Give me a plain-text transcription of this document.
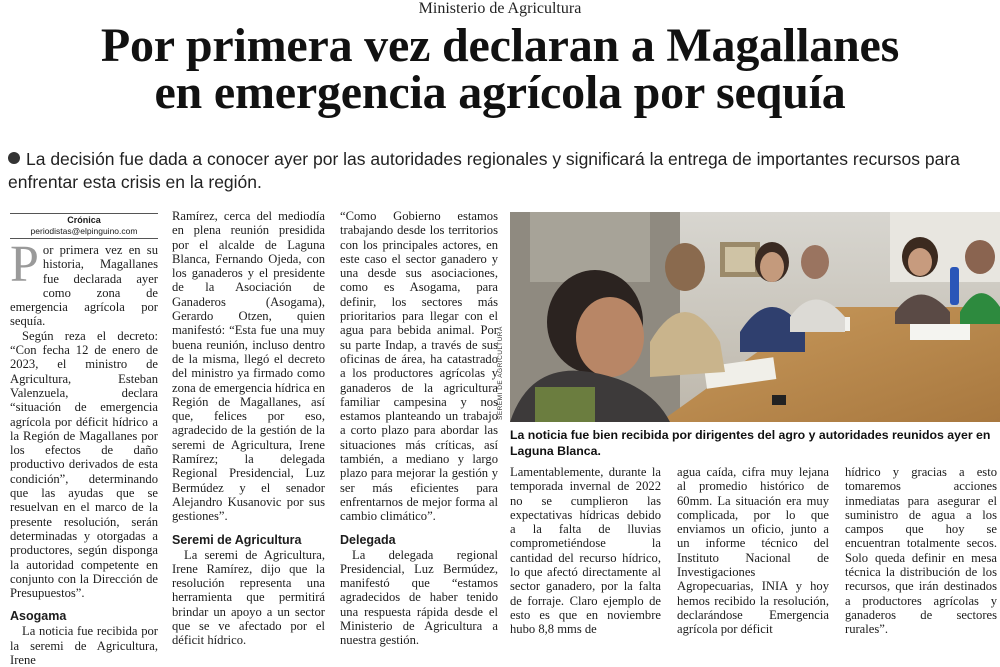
Ministerio de Agricultura
Por primera vez declaran a Magallanes
en emergencia agrícola por sequía
La decisión fue dada a conocer ayer por las autoridades regionales y significará la entrega de importantes recursos para enfrentar esta crisis en la región.
Crónica
periodistas@elpinguino.com

Por primera vez en su historia, Magallanes fue declarada ayer como zona de emergencia agrícola por sequía.

Según reza el decreto: “Con fecha 12 de enero de 2023, el ministro de Agricultura, Esteban Valenzuela, declara “situación de emergencia agrícola por déficit hídrico a la Región de Magallanes por los efectos de daño productivo derivados de esta condición”, determinando que las ayudas que se resuelvan en el marco de la presente resolución, serán determinadas y otorgadas a productores, según disponga la autoridad competente en conjunto con la Dirección de Presupuestos”.

Asogama

La noticia fue recibida por la seremi de Agricultura, Irene

Ramírez, cerca del mediodía en plena reunión presidida por el alcalde de Laguna Blanca, Fernando Ojeda, con los ganaderos y el presidente de la Asociación de Ganaderos (Asogama), Gerardo Otzen, quien manifestó: “Esta fue una muy buena reunión, incluso dentro de la misma, llegó el decreto del ministro ya firmado como zona de emergencia hídrica en Región de Magallanes, así que, felices por eso, agradecido de la gestión de la seremi de Agricultura, Irene Ramírez; la delegada Regional Presidencial, Luz Bermúdez y el senador Alejandro Kusanovic por sus gestiones”.

Seremi de Agricultura

La seremi de Agricultura, Irene Ramírez, dijo que la resolución representa una herramienta que permitirá brindar un apoyo a un sector que se ve afectado por el déficit hídrico.

“Como Gobierno estamos trabajando desde los territorios con los principales actores, en este caso el sector ganadero y una desde sus asociaciones, como es Asogama, para definir, los sectores más prioritarios para llegar con el agua para bebida animal. Por su parte Indap, a través de sus oficinas de área, ha catastrado a los productores agrícolas y ganaderos de la agricultura familiar campesina y nos estamos planteando un trabajo a corto plazo para abordar las situaciones más críticas, así también, a mediano y largo plazo para mejorar la gestión y ser más eficientes para enfrentarnos de mejor forma al cambio climático”.

Delegada

La delegada regional Presidencial, Luz Bermúdez, manifestó que “estamos agradecidos de haber tenido una respuesta rápida desde el Ministerio de Agricultura a nuestra gestión.

SEREMI DE AGRICULTURA
La noticia fue bien recibida por dirigentes del agro y autoridades reunidos ayer en Laguna Blanca.

Lamentablemente, durante la temporada invernal de 2022 no se cumplieron las expectativas hídricas debido a la falta de lluvias comprometiéndose la cantidad del recurso hídrico, lo que afectó directamente al sector ganadero, por la falta de forraje. Claro ejemplo de esto es que en noviembre hubo 8,8 mms de

agua caída, cifra muy lejana al promedio histórico de 60mm. La situación era muy complicada, por lo que enviamos un oficio, junto a un informe técnico del Instituto Nacional de Investigaciones Agropecuarias, INIA y hoy hemos recibido la resolución, declarándose Emergencia agrícola por déficit

hídrico y gracias a esto tomaremos acciones inmediatas para asegurar el suministro de agua a los campos que hoy se encuentran totalmente secos. Solo queda definir en mesa técnica la distribución de los recursos, que irán destinados a productores agrícolas y ganaderos de sectores rurales”.
